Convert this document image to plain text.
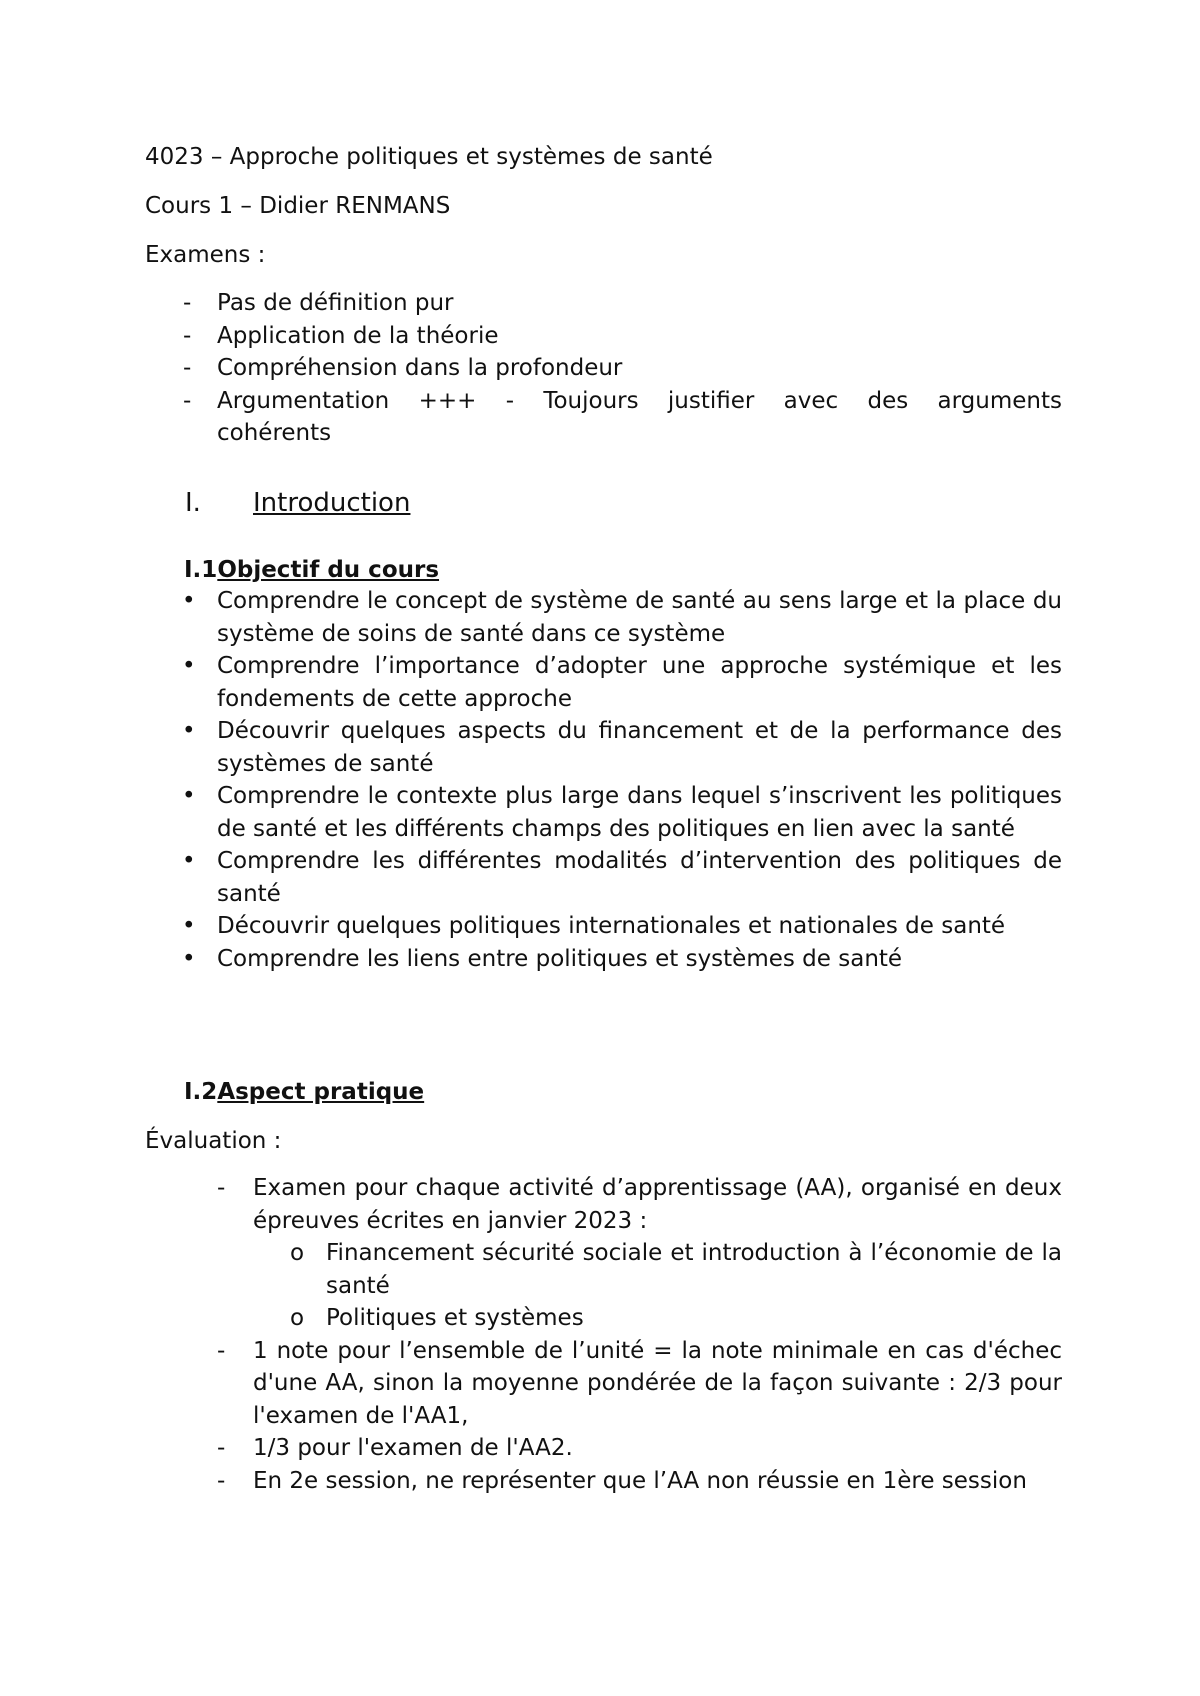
4023 – Approche politiques et systèmes de santé

Cours 1 – Didier RENMANS

Examens :

- Pas de définition pur
- Application de la théorie
- Compréhension dans la profondeur
- Argumentation +++ - Toujours justifier avec des arguments cohérents
I. Introduction
I.1Objectif du cours
• Comprendre le concept de système de santé au sens large et la place du système de soins de santé dans ce système
• Comprendre l’importance d’adopter une approche systémique et les fondements de cette approche
• Découvrir quelques aspects du financement et de la performance des systèmes de santé
• Comprendre le contexte plus large dans lequel s’inscrivent les politiques de santé et les différents champs des politiques en lien avec la santé
• Comprendre les différentes modalités d’intervention des politiques de santé
• Découvrir quelques politiques internationales et nationales de santé
• Comprendre les liens entre politiques et systèmes de santé
I.2Aspect pratique

Évaluation :

- Examen pour chaque activité d’apprentissage (AA), organisé en deux épreuves écrites en janvier 2023 :
o Financement sécurité sociale et introduction à l’économie de la santé
o Politiques et systèmes
- 1 note pour l’ensemble de l’unité = la note minimale en cas d'échec d'une AA, sinon la moyenne pondérée de la façon suivante : 2/3 pour l'examen de l'AA1,
- 1/3 pour l'examen de l'AA2.
- En 2e session, ne représenter que l’AA non réussie en 1ère session
